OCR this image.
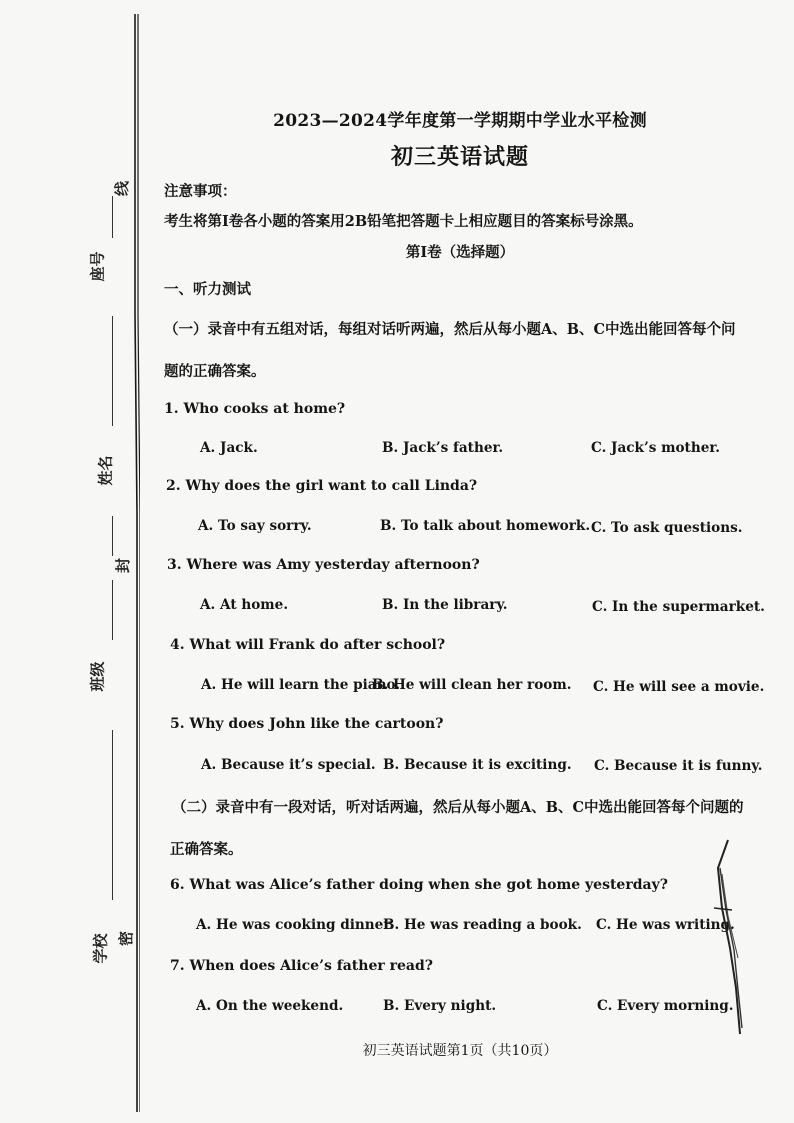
线
座号
姓名
封
班级
学校 密
2023—2024学年度第一学期期中学业水平检测
初三英语试题
注意事项：
考生将第Ⅰ卷各小题的答案用2B铅笔把答题卡上相应题目的答案标号涂黑。
第Ⅰ卷（选择题）
一、听力测试
（一）录音中有五组对话，每组对话听两遍，然后从每小题A、B、C中选出能回答每个问
题的正确答案。
1. Who cooks at home?
A. Jack.	B. Jack’s father.	C. Jack’s mother.
2. Why does the girl want to call Linda?
A. To say sorry.	B. To talk about homework. C. To ask questions.
3. Where was Amy yesterday afternoon?
A. At home.	B. In the library.	C. In the supermarket.
4. What will Frank do after school?
A. He will learn the piano.
B. He will clean her room. C. He will see a movie.
5. Why does John like the cartoon?
A. Because it’s special. B. Because it is exciting. C. Because it is funny.
（二）录音中有一段对话，听对话两遍，然后从每小题A、B、C中选出能回答每个问题的
正确答案。
6. What was Alice’s father doing when she got home yesterday?
A. He was cooking dinner.
B. He was reading a book. C. He was writing.
7. When does Alice’s father read?
A. On the weekend.	B. Every night.	C. Every morning.
初三英语试题第1页（共10页）
